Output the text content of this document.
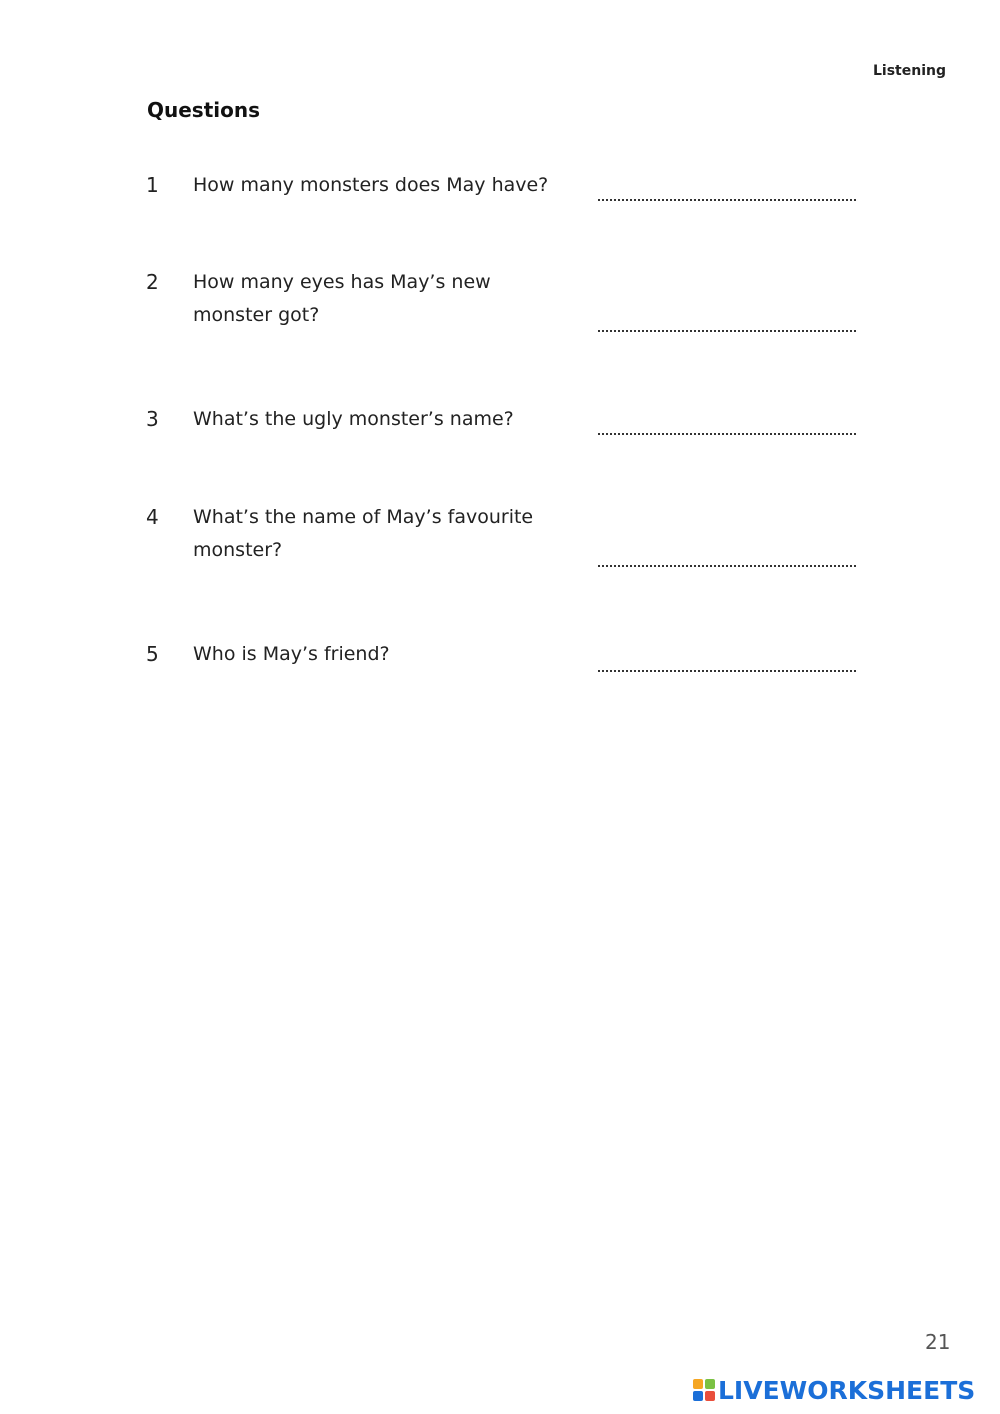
Listening
Questions
1 How many monsters does May have?
2 How many eyes has May’s new monster got?
3 What’s the ugly monster’s name?
4 What’s the name of May’s favourite monster?
5 Who is May’s friend?
21
LIVEWORKSHEETS
